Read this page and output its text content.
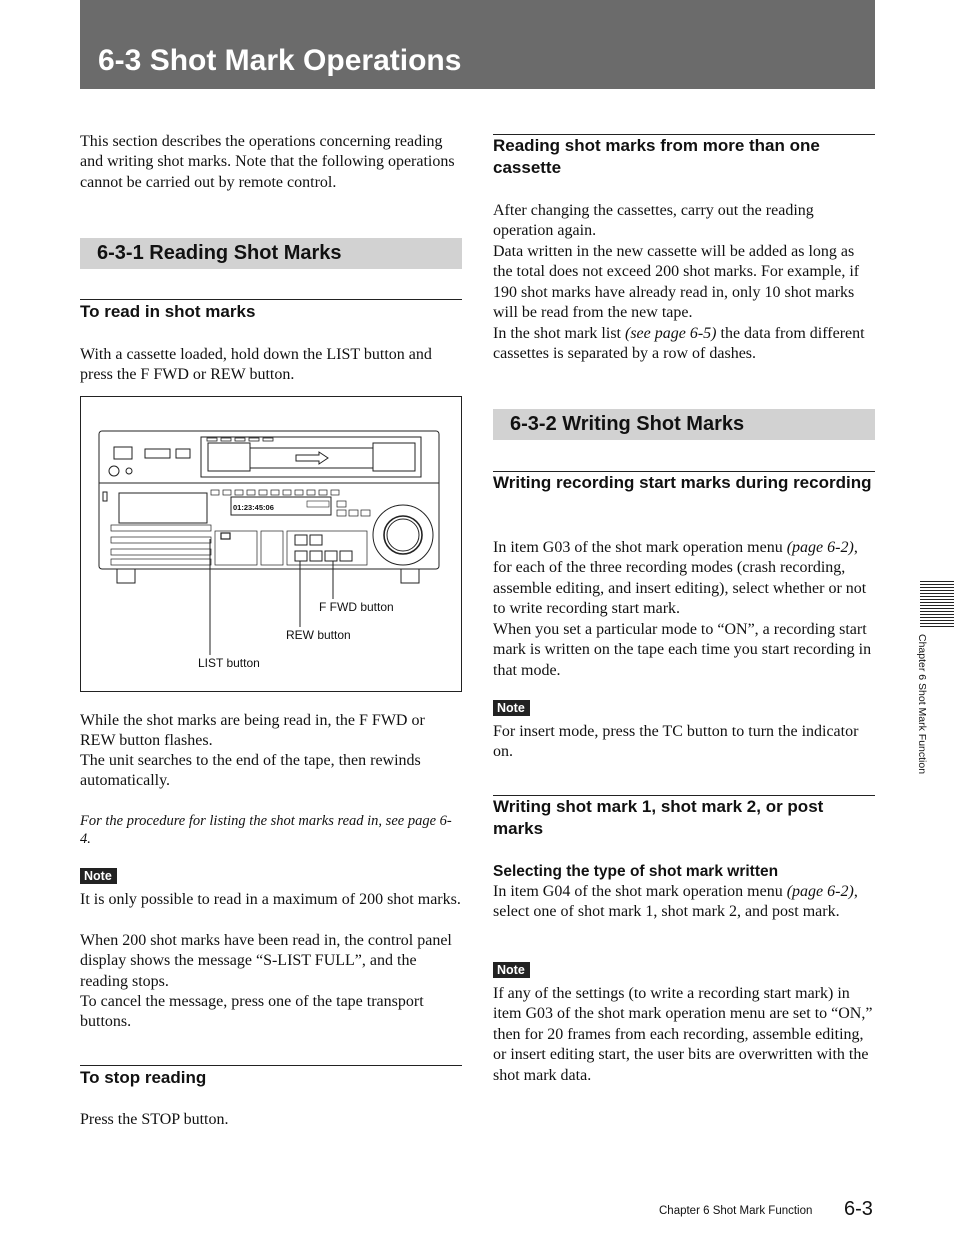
6-3 Shot Mark Operations

This section describes the operations concerning reading and writing shot marks. Note that the following operations cannot be carried out by remote control.

6-3-1 Reading Shot Marks
To read in shot marks

With a cassette loaded, hold down the LIST button and press the F FWD or REW button.

01:23:45:06
F FWD button
REW button
LIST button

While the shot marks are being read in, the F FWD or REW button flashes.

The unit searches to the end of the tape, then rewinds automatically.

For the procedure for listing the shot marks read in, see page 6-4.

Note

It is only possible to read in a maximum of 200 shot marks.

When 200 shot marks have been read in, the control panel display shows the message “S-LIST FULL”, and the reading stops.

To cancel the message, press one of the tape transport buttons.

To stop reading

Press the STOP button.

Reading shot marks from more than one cassette

After changing the cassettes, carry out the reading operation again.

Data written in the new cassette will be added as long as the total does not exceed 200 shot marks. For example, if 190 shot marks have already read in, only 10 shot marks will be read from the new tape.

In the shot mark list (see page 6-5) the data from different cassettes is separated by a row of dashes.

6-3-2 Writing Shot Marks
Writing recording start marks during recording

In item G03 of the shot mark operation menu (page 6-2), for each of the three recording modes (crash recording, assemble editing, and insert editing), select whether or not to write recording start mark.

When you set a particular mode to “ON”, a recording start mark is written on the tape each time you start recording in that mode.

Note

For insert mode, press the TC button to turn the indicator on.

Writing shot mark 1, shot mark 2, or post marks
Selecting the type of shot mark written

In item G04 of the shot mark operation menu (page 6-2), select one of shot mark 1, shot mark 2, and post mark.

Note

If any of the settings (to write a recording start mark) in item G03 of the shot mark operation menu are set to “ON,” then for 20 frames from each recording, assemble editing, or insert editing start, the user bits are overwritten with the shot mark data.

Chapter 6 Shot Mark Function
Chapter 6 Shot Mark Function 6-3
